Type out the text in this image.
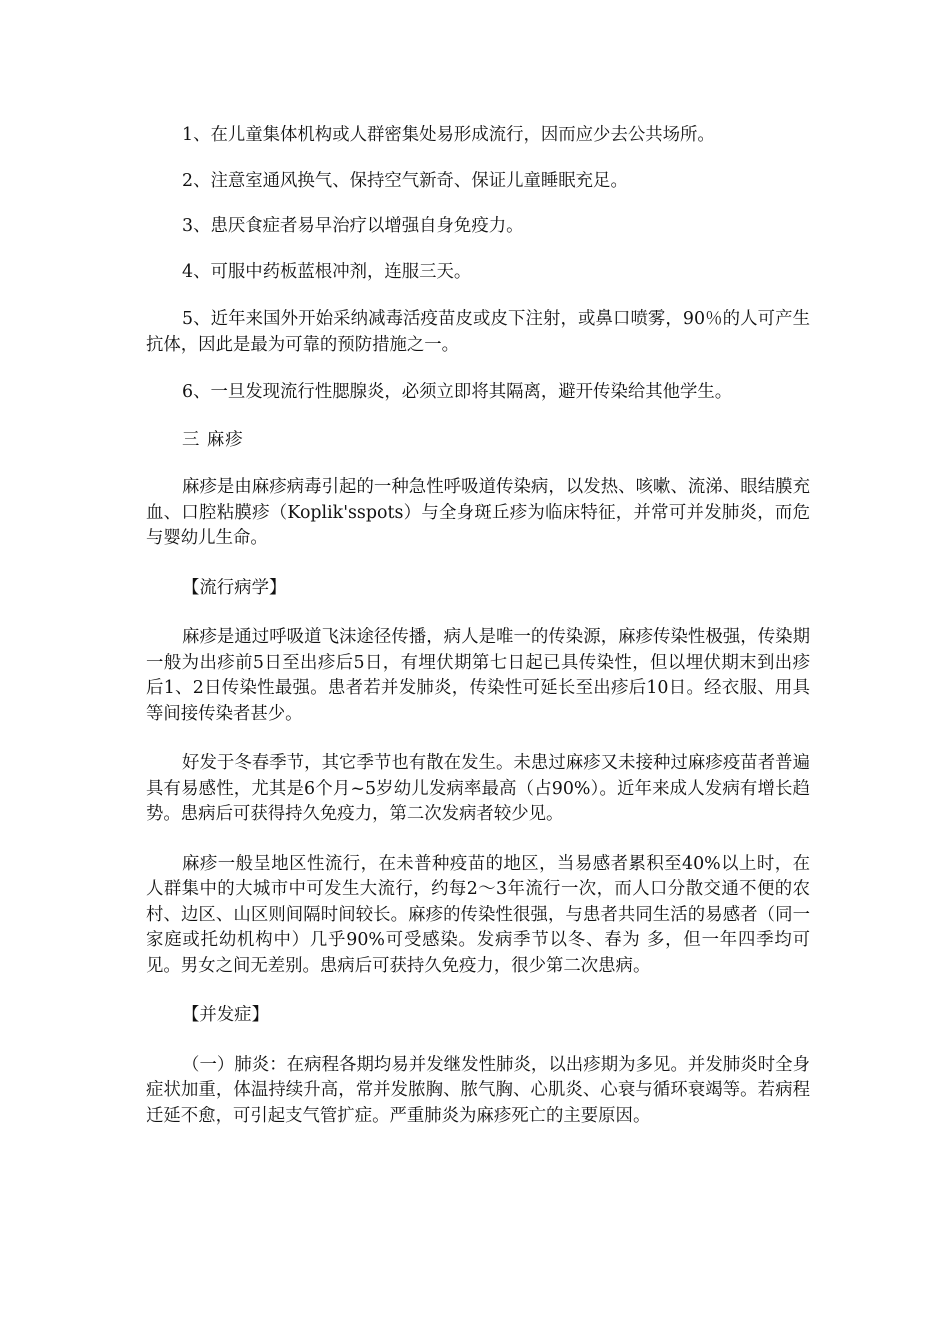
1、在儿童集体机构或人群密集处易形成流行，因而应少去公共场所。

2、注意室通风换气、保持空气新奇、保证儿童睡眠充足。

3、患厌食症者易早治疗以增强自身免疫力。

4、可服中药板蓝根冲剂，连服三天。

5、近年来国外开始采纳减毒活疫苗皮或皮下注射，或鼻口喷雾，90％的人可产生抗体，因此是最为可靠的预防措施之一。

6、一旦发现流行性腮腺炎，必须立即将其隔离，避开传染给其他学生。

三 麻疹

麻疹是由麻疹病毒引起的一种急性呼吸道传染病，以发热、咳嗽、流涕、眼结膜充血、口腔粘膜疹（Koplik'sspots）与全身斑丘疹为临床特征，并常可并发肺炎，而危与婴幼儿生命。

【流行病学】

麻疹是通过呼吸道飞沫途径传播，病人是唯一的传染源，麻疹传染性极强，传染期一般为出疹前5日至出疹后5日，有埋伏期第七日起已具传染性，但以埋伏期末到出疹后1、2日传染性最强。患者若并发肺炎，传染性可延长至出疹后10日。经衣服、用具等间接传染者甚少。

好发于冬春季节，其它季节也有散在发生。未患过麻疹又未接种过麻疹疫苗者普遍具有易感性，尤其是6个月~5岁幼儿发病率最高（占90%）。近年来成人发病有增长趋势。患病后可获得持久免疫力，第二次发病者较少见。

麻疹一般呈地区性流行，在未普种疫苗的地区，当易感者累积至40%以上时，在人群集中的大城市中可发生大流行，约每2～3年流行一次，而人口分散交通不便的农村、边区、山区则间隔时间较长。麻疹的传染性很强，与患者共同生活的易感者（同一家庭或托幼机构中）几乎90%可受感染。发病季节以冬、春为 多，但一年四季均可见。男女之间无差别。患病后可获持久免疫力，很少第二次患病。

【并发症】

（一）肺炎：在病程各期均易并发继发性肺炎，以出疹期为多见。并发肺炎时全身症状加重，体温持续升高，常并发脓胸、脓气胸、心肌炎、心衰与循环衰竭等。若病程迁延不愈，可引起支气管扩症。严重肺炎为麻疹死亡的主要原因。
